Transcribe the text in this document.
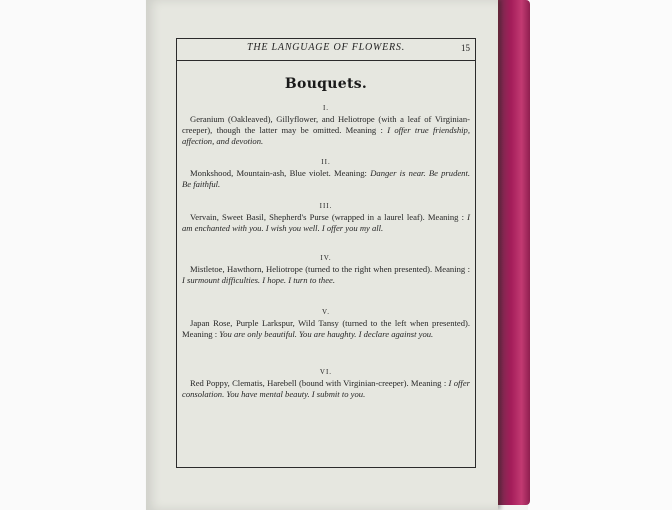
THE LANGUAGE OF FLOWERS.	15
Bouquets.
I.
Geranium (Oakleaved), Gillyflower, and Heliotrope (with a leaf of Virginian-creeper), though the latter may be omitted. Meaning : I offer true friendship, affection, and devotion.
II.
Monkshood, Mountain-ash, Blue violet. Meaning: Danger is near. Be prudent. Be faithful.
III.
Vervain, Sweet Basil, Shepherd's Purse (wrapped in a laurel leaf). Meaning : I am enchanted with you. I wish you well. I offer you my all.
IV.
Mistletoe, Hawthorn, Heliotrope (turned to the right when presented). Meaning : I surmount difficulties. I hope. I turn to thee.
V.
Japan Rose, Purple Larkspur, Wild Tansy (turned to the left when presented). Meaning : You are only beautiful. You are haughty. I declare against you.
VI.
Red Poppy, Clematis, Harebell (bound with Virginian-creeper). Meaning : I offer consolation. You have mental beauty. I submit to you.
